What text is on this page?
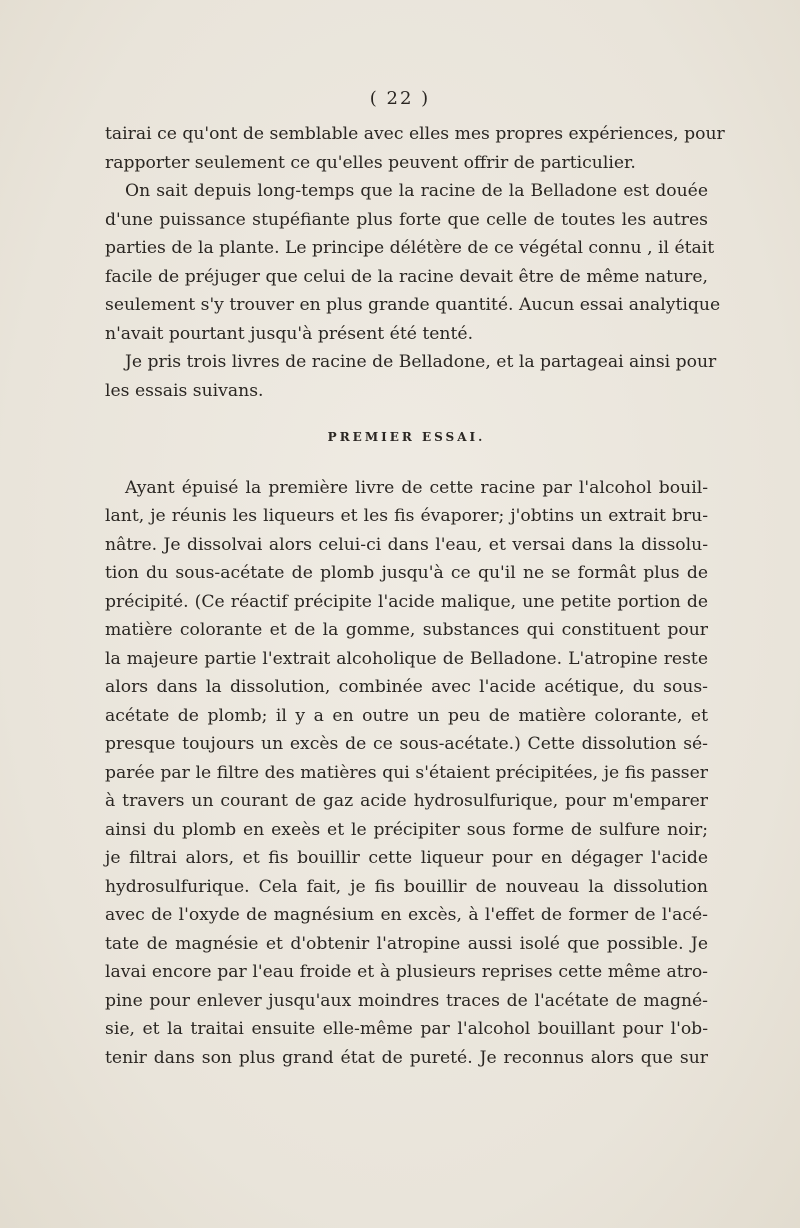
( 22 )

tairai ce qu'ont de semblable avec elles mes propres expériences, pour
rapporter seulement ce qu'elles peuvent offrir de particulier.

On sait depuis long-temps que la racine de la Belladone est douée
d'une puissance stupéfiante plus forte que celle de toutes les autres
parties de la plante. Le principe délétère de ce végétal connu , il était
facile de préjuger que celui de la racine devait être de même nature,
seulement s'y trouver en plus grande quantité. Aucun essai analytique
n'avait pourtant jusqu'à présent été tenté.

Je pris trois livres de racine de Belladone, et la partageai ainsi pour
les essais suivans.

PREMIER ESSAI.

Ayant épuisé la première livre de cette racine par l'alcohol bouil-
lant, je réunis les liqueurs et les fis évaporer; j'obtins un extrait bru-
nâtre. Je dissolvai alors celui-ci dans l'eau, et versai dans la dissolu-
tion du sous-acétate de plomb jusqu'à ce qu'il ne se formât plus de
précipité. (Ce réactif précipite l'acide malique, une petite portion de
matière colorante et de la gomme, substances qui constituent pour
la majeure partie l'extrait alcoholique de Belladone. L'atropine reste
alors dans la dissolution, combinée avec l'acide acétique, du sous-
acétate de plomb; il y a en outre un peu de matière colorante, et
presque toujours un excès de ce sous-acétate.) Cette dissolution sé-
parée par le filtre des matières qui s'étaient précipitées, je fis passer
à travers un courant de gaz acide hydrosulfurique, pour m'emparer
ainsi du plomb en exeès et le précipiter sous forme de sulfure noir;
je filtrai alors, et fis bouillir cette liqueur pour en dégager l'acide
hydrosulfurique. Cela fait, je fis bouillir de nouveau la dissolution
avec de l'oxyde de magnésium en excès, à l'effet de former de l'acé-
tate de magnésie et d'obtenir l'atropine aussi isolé que possible. Je
lavai encore par l'eau froide et à plusieurs reprises cette même atro-
pine pour enlever jusqu'aux moindres traces de l'acétate de magné-
sie, et la traitai ensuite elle-même par l'alcohol bouillant pour l'ob-
tenir dans son plus grand état de pureté. Je reconnus alors que sur
